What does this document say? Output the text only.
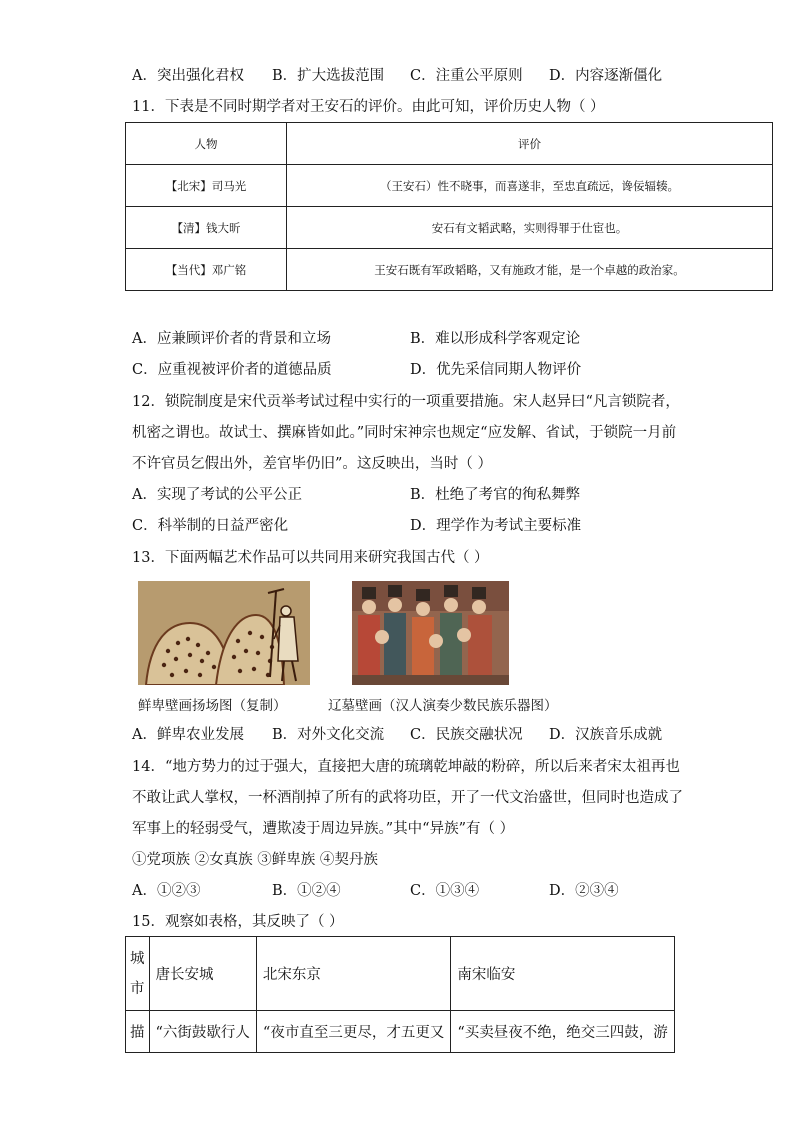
A．突出强化君权 B．扩大选拔范围 C．注重公平原则 D．内容逐渐僵化
11．下表是不同时期学者对王安石的评价。由此可知，评价历史人物（ ）
人物	评价
【北宋】司马光	（王安石）性不晓事，而喜遂非，至忠直疏远，谗佞辐辏。
【清】钱大昕	安石有文韬武略，实则得罪于仕宦也。
【当代】邓广铭	王安石既有军政韬略，又有施政才能，是一个卓越的政治家。
A．应兼顾评价者的背景和立场	B．难以形成科学客观定论
C．应重视被评价者的道德品质	D．优先采信同期人物评价
12．锁院制度是宋代贡举考试过程中实行的一项重要措施。宋人赵异曰“凡言锁院者，
机密之谓也。故试士、撰麻皆如此。”同时宋神宗也规定“应发解、省试，于锁院一月前
不许官员乞假出外，差官毕仍旧”。这反映出，当时（ ）
A．实现了考试的公平公正	B．杜绝了考官的徇私舞弊
C．科举制的日益严密化	D．理学作为考试主要标准
13．下面两幅艺术作品可以共同用来研究我国古代（ ）
鲜卑壁画扬场图（复制）	辽墓壁画（汉人演奏少数民族乐器图）
A．鲜卑农业发展 B．对外文化交流 C．民族交融状况 D．汉族音乐成就
14．“地方势力的过于强大，直接把大唐的琉璃乾坤敲的粉碎，所以后来者宋太祖再也
不敢让武人掌权，一杯酒削掉了所有的武将功臣，开了一代文治盛世，但同时也造成了
军事上的轻弱受气，遭欺凌于周边异族。”其中“异族”有（ ）
①党项族 ②女真族 ③鲜卑族 ④契丹族
A．①②③	B．①②④	C．①③④	D．②③④
15．观察如表格，其反映了（ ）
城市	唐长安城	北宋东京	南宋临安
描	“六街鼓歇行人	“夜市直至三更尽，才五更又	“买卖昼夜不绝，绝交三四鼓，游
